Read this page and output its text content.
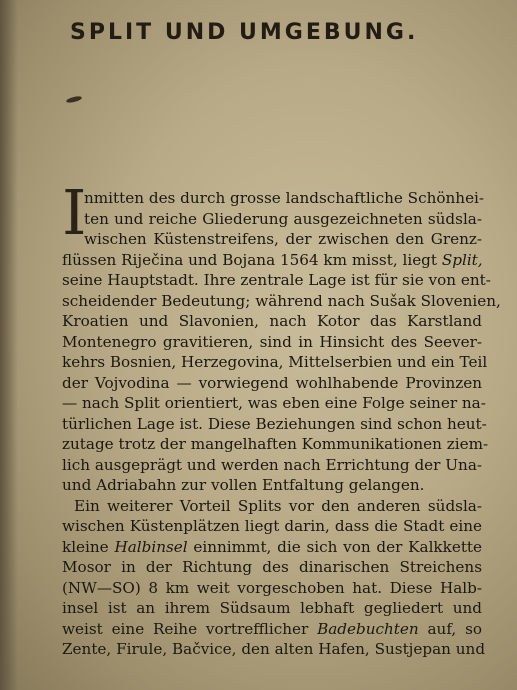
SPLIT UND UMGEBUNG.
I
nmitten des durch grosse landschaftliche Schönhei-
ten und reiche Gliederung ausgezeichneten südsla-
wischen Küstenstreifens, der zwischen den Grenz-
flüssen Riječina und Bojana 1564 km misst, liegt Split,
seine Hauptstadt. Ihre zentrale Lage ist für sie von ent-
scheidender Bedeutung; während nach Sušak Slovenien,
Kroatien und Slavonien, nach Kotor das Karstland
Montenegro gravitieren, sind in Hinsicht des Seever-
kehrs Bosnien, Herzegovina, Mittelserbien und ein Teil
der Vojvodina — vorwiegend wohlhabende Provinzen
— nach Split orientiert, was eben eine Folge seiner na-
türlichen Lage ist. Diese Beziehungen sind schon heut-
zutage trotz der mangelhaften Kommunikationen ziem-
lich ausgeprägt und werden nach Errichtung der Una-
und Adriabahn zur vollen Entfaltung gelangen.
Ein weiterer Vorteil Splits vor den anderen südsla-
wischen Küstenplätzen liegt darin, dass die Stadt eine
kleine Halbinsel einnimmt, die sich von der Kalkkette
Mosor in der Richtung des dinarischen Streichens
(NW—SO) 8 km weit vorgeschoben hat. Diese Halb-
insel ist an ihrem Südsaum lebhaft gegliedert und
weist eine Reihe vortrefflicher Badebuchten auf, so
Zente, Firule, Bačvice, den alten Hafen, Sustjepan und
